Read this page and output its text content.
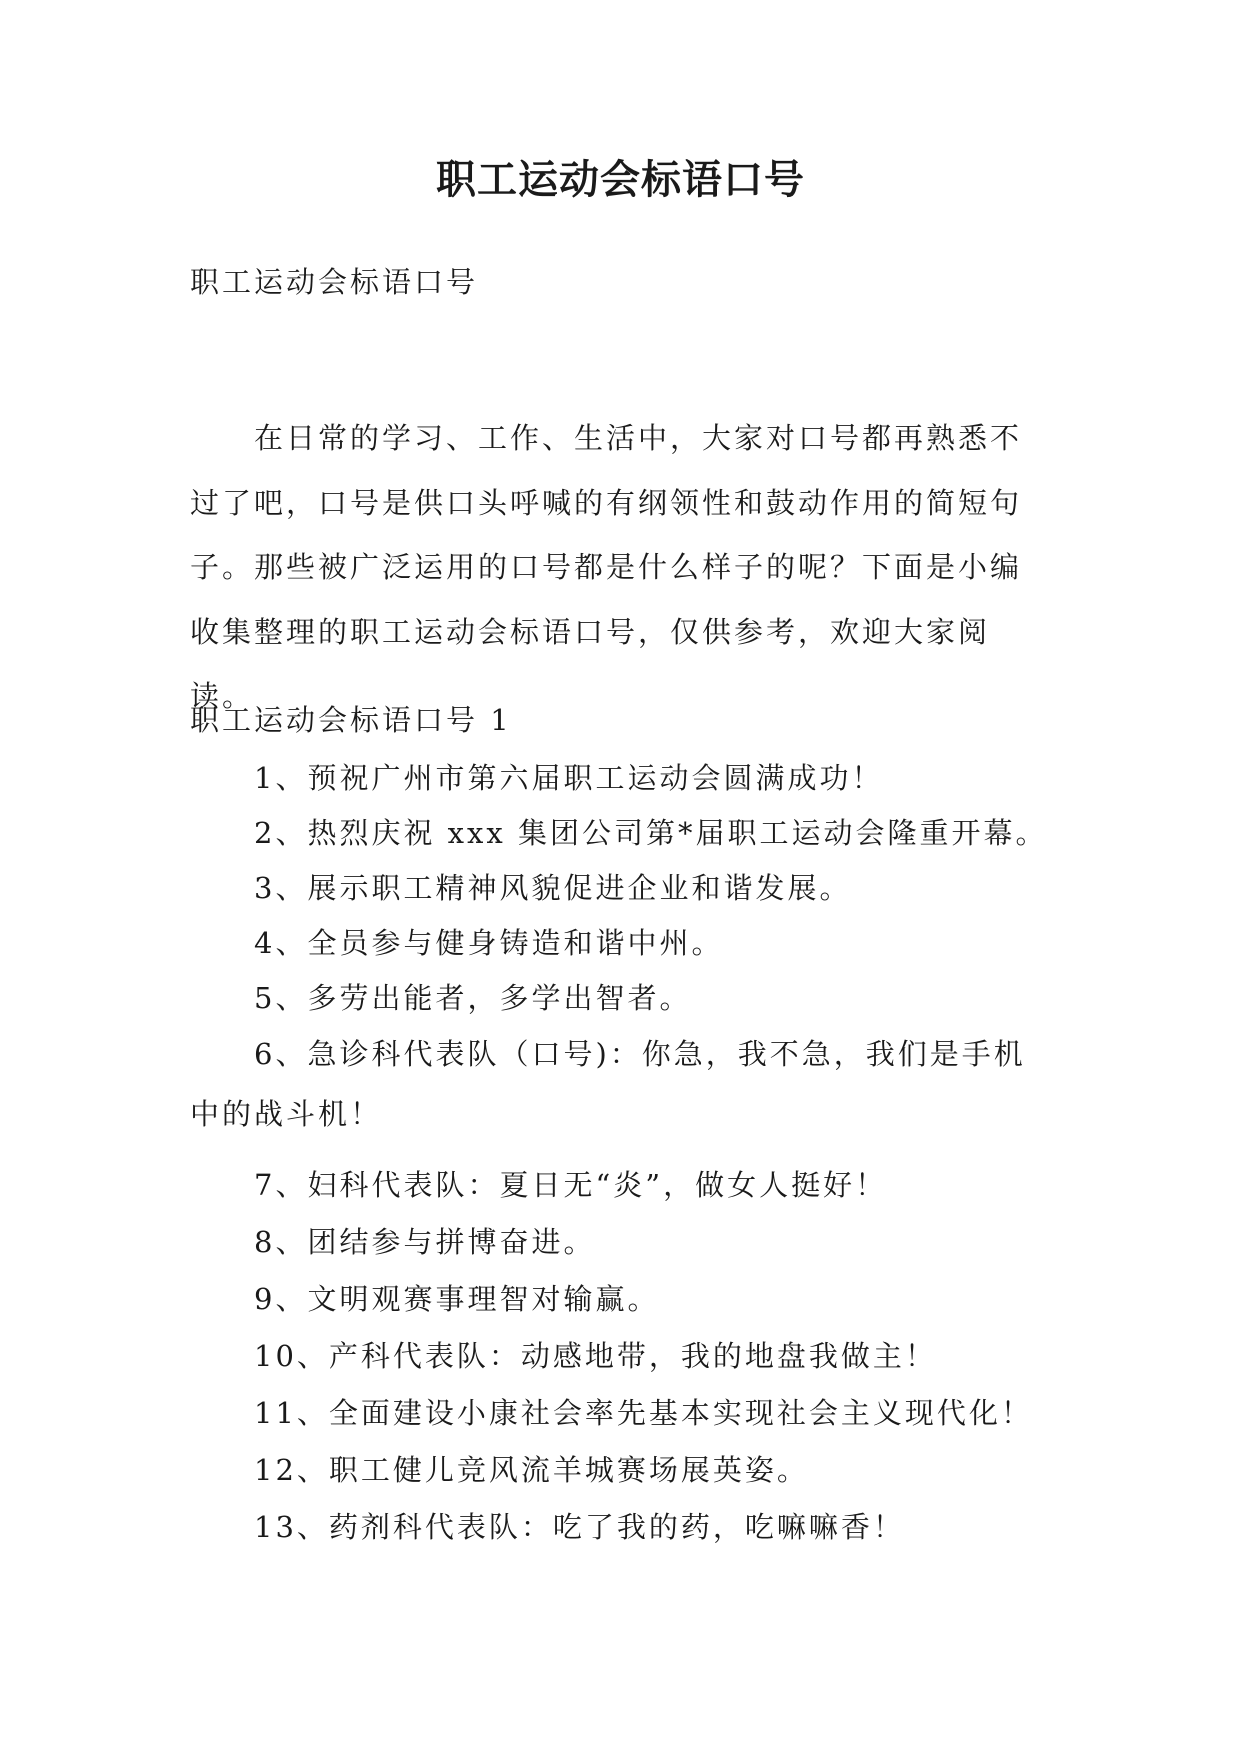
职工运动会标语口号

职工运动会标语口号

在日常的学习、工作、生活中，大家对口号都再熟悉不过了吧，口号是供口头呼喊的有纲领性和鼓动作用的简短句子。那些被广泛运用的口号都是什么样子的呢？下面是小编收集整理的职工运动会标语口号，仅供参考，欢迎大家阅读。

职工运动会标语口号 1

1、预祝广州市第六届职工运动会圆满成功！

2、热烈庆祝 xxx 集团公司第*届职工运动会隆重开幕。

3、展示职工精神风貌促进企业和谐发展。

4、全员参与健身铸造和谐中州。

5、多劳出能者，多学出智者。

6、急诊科代表队（口号)：你急，我不急，我们是手机中的战斗机！

7、妇科代表队：夏日无“炎”，做女人挺好！

8、团结参与拼博奋进。

9、文明观赛事理智对输赢。

10、产科代表队：动感地带，我的地盘我做主！

11、全面建设小康社会率先基本实现社会主义现代化！

12、职工健儿竞风流羊城赛场展英姿。

13、药剂科代表队：吃了我的药，吃嘛嘛香！
